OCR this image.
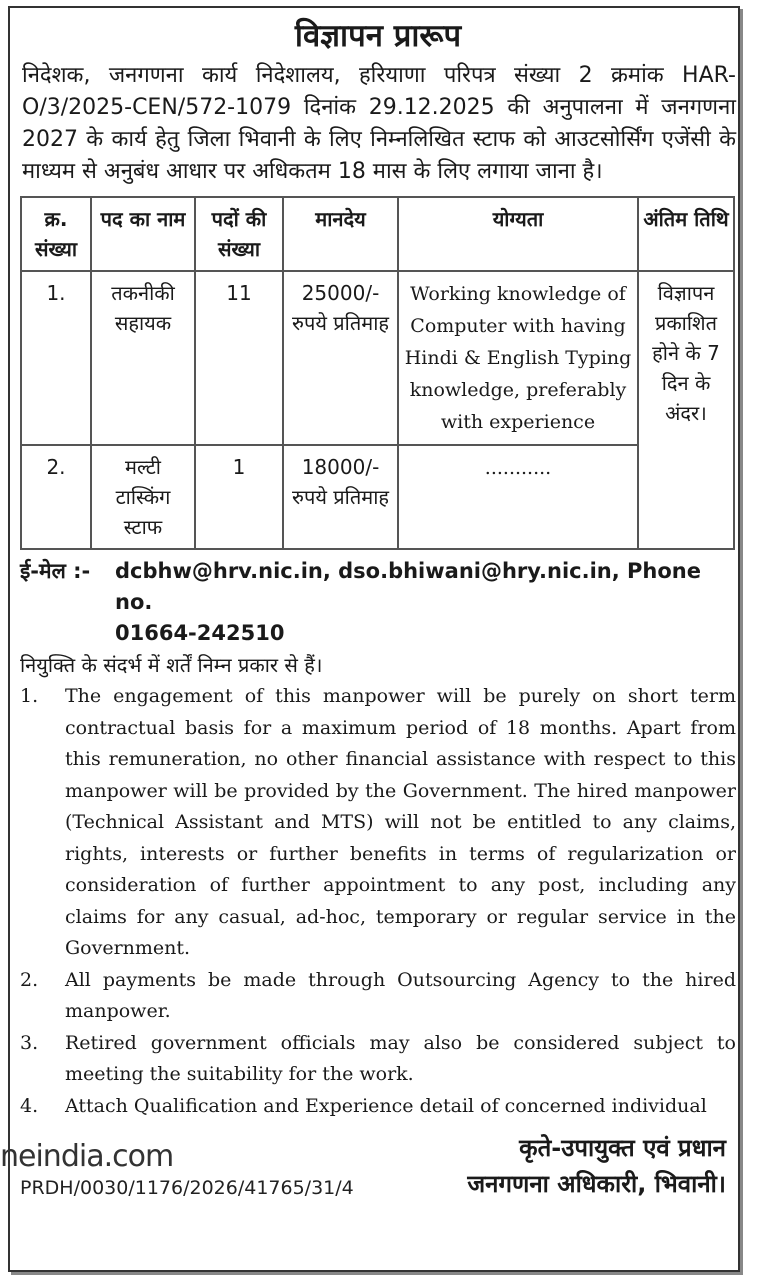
विज्ञापन प्रारूप
निदेशक, जनगणना कार्य निदेशालय, हरियाणा परिपत्र संख्या 2 क्रमांक HAR-O/3/2025-CEN/572-1079 दिनांक 29.12.2025 की अनुपालना में जनगणना 2027 के कार्य हेतु जिला भिवानी के लिए निम्नलिखित स्टाफ को आउटसोर्सिंग एजेंसी के माध्यम से अनुबंध आधार पर अधिकतम 18 मास के लिए लगाया जाना है।
क्र. संख्या	पद का नाम	पदों की संख्या	मानदेय	योग्यता	अंतिम तिथि
1.	तकनीकी सहायक	11	25000/- रुपये प्रतिमाह	Working knowledge of Computer with having Hindi & English Typing knowledge, preferably with experience	विज्ञापन प्रकाशित होने के 7 दिन के अंदर।
2.	मल्टी टास्किंग स्टाफ	1	18000/- रुपये प्रतिमाह	...........	
ई-मेल :-	dcbhw@hrv.nic.in, dso.bhiwani@hry.nic.in, Phone no.
01664-242510
नियुक्ति के संदर्भ में शर्तें निम्न प्रकार से हैं।
1.	The engagement of this manpower will be purely on short term contractual basis for a maximum period of 18 months. Apart from this remuneration, no other financial assistance with respect to this manpower will be provided by the Government. The hired manpower (Technical Assistant and MTS) will not be entitled to any claims, rights, interests or further benefits in terms of regularization or consideration of further appointment to any post, including any claims for any casual, ad-hoc, temporary or regular service in the Government.
2.	All payments be made through Outsourcing Agency to the hired manpower.
3.	Retired government officials may also be considered subject to meeting the suitability for the work.
4.	Attach Qualification and Experience detail of concerned individual
neindia.com
PRDH/0030/1176/2026/41765/31/4
कृते-उपायुक्त एवं प्रधान
जनगणना अधिकारी, भिवानी।
